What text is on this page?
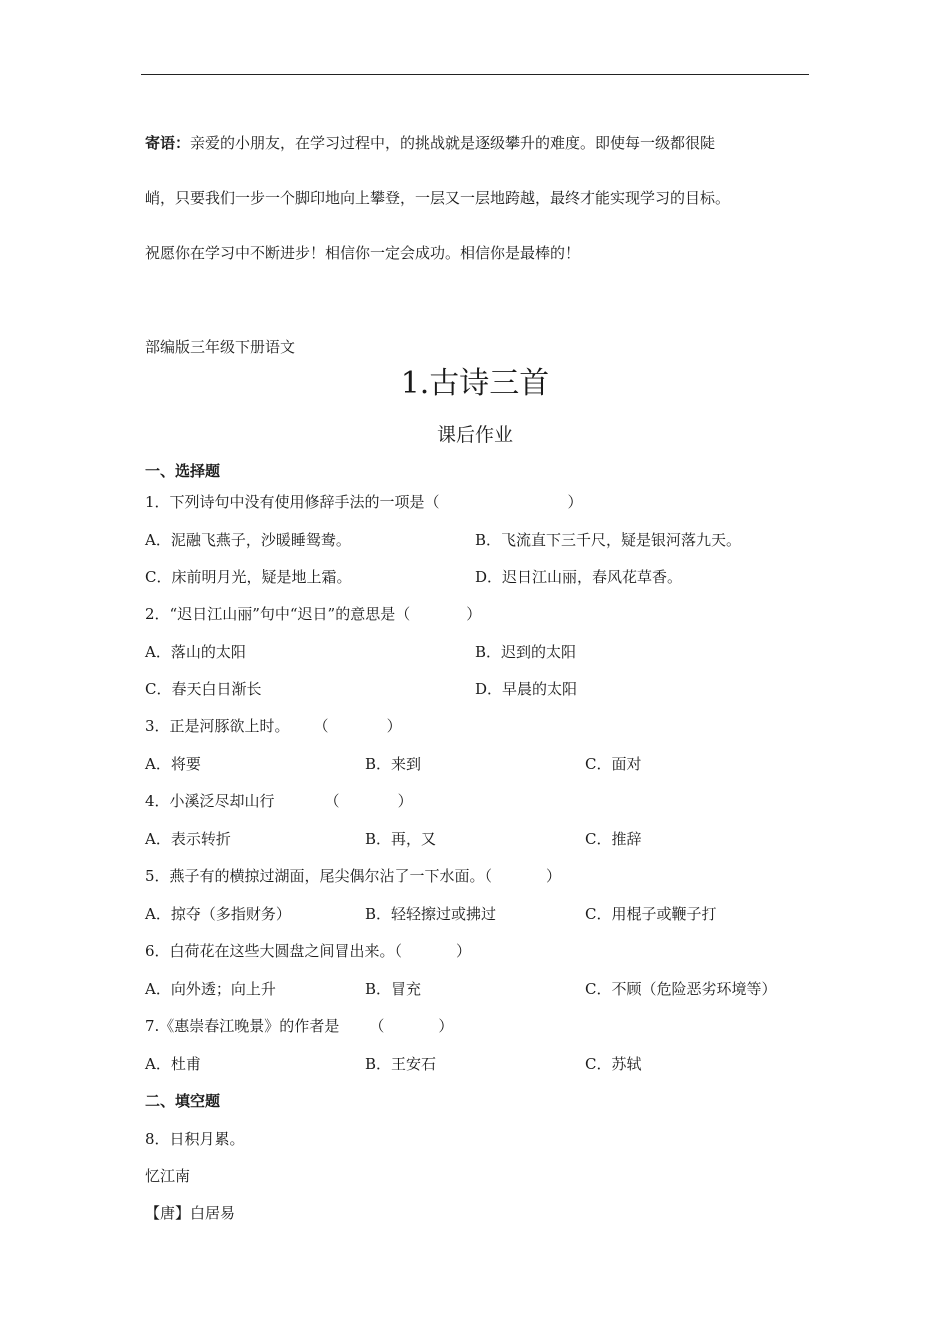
寄语：亲爱的小朋友，在学习过程中，的挑战就是逐级攀升的难度。即使每一级都很陡
峭，只要我们一步一个脚印地向上攀登，一层又一层地跨越，最终才能实现学习的目标。
祝愿你在学习中不断进步！相信你一定会成功。相信你是最棒的！
部编版三年级下册语文
1.古诗三首
课后作业
一、选择题
1．下列诗句中没有使用修辞手法的一项是（	）
A．泥融飞燕子，沙暖睡鸳鸯。	B．飞流直下三千尺，疑是银河落九天。
C．床前明月光，疑是地上霜。	D．迟日江山丽，春风花草香。
2．“迟日江山丽”句中“迟日”的意思是（	）
A．落山的太阳	B．迟到的太阳
C．春天白日渐长	D．早晨的太阳
3．正是河豚欲上时。 （	）
A．将要	B．来到	C．面对
4．小溪泛尽却山行	（	）
A．表示转折	B．再，又	C．推辞
5．燕子有的横掠过湖面，尾尖偶尔沾了一下水面。（	）
A．掠夺（多指财务）	B．轻轻擦过或拂过	C．用棍子或鞭子打
6．白荷花在这些大圆盘之间冒出来。（	）
A．向外透；向上升	B．冒充	C．不顾（危险恶劣环境等）
7.《惠崇春江晚景》的作者是 （	）
A．杜甫	B．王安石	C．苏轼
二、填空题
8．日积月累。
忆江南
【唐】白居易
